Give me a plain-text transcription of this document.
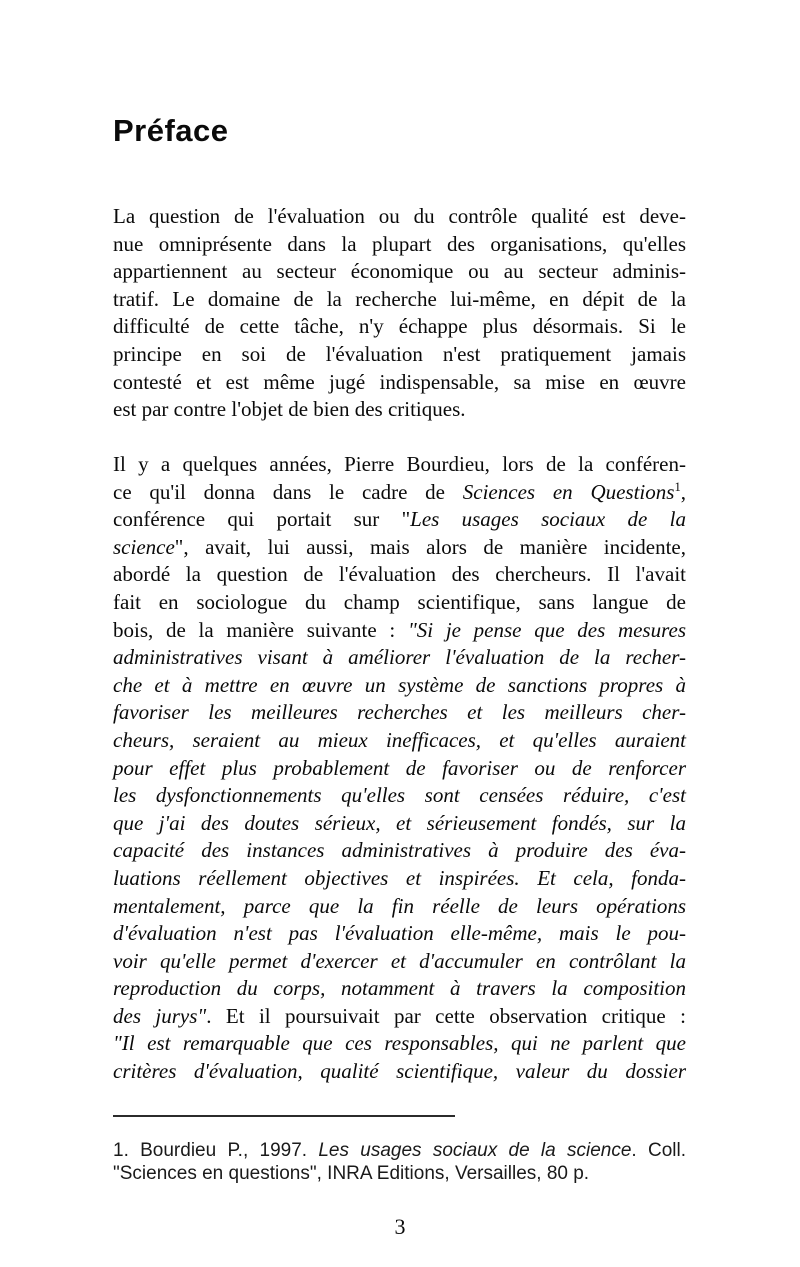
Préface
La question de l'évaluation ou du contrôle qualité est deve-
nue omniprésente dans la plupart des organisations, qu'elles
appartiennent au secteur économique ou au secteur adminis-
tratif. Le domaine de la recherche lui-même, en dépit de la
difficulté de cette tâche, n'y échappe plus désormais. Si le
principe en soi de l'évaluation n'est pratiquement jamais
contesté et est même jugé indispensable, sa mise en œuvre
est par contre l'objet de bien des critiques.
Il y a quelques années, Pierre Bourdieu, lors de la conféren-
ce qu'il donna dans le cadre de Sciences en Questions$^1$,
conférence qui portait sur "Les usages sociaux de la
science", avait, lui aussi, mais alors de manière incidente,
abordé la question de l'évaluation des chercheurs. Il l'avait
fait en sociologue du champ scientifique, sans langue de
bois, de la manière suivante : "Si je pense que des mesures
administratives visant à améliorer l'évaluation de la recher-
che et à mettre en œuvre un système de sanctions propres à
favoriser les meilleures recherches et les meilleurs cher-
cheurs, seraient au mieux inefficaces, et qu'elles auraient
pour effet plus probablement de favoriser ou de renforcer
les dysfonctionnements qu'elles sont censées réduire, c'est
que j'ai des doutes sérieux, et sérieusement fondés, sur la
capacité des instances administratives à produire des éva-
luations réellement objectives et inspirées. Et cela, fonda-
mentalement, parce que la fin réelle de leurs opérations
d'évaluation n'est pas l'évaluation elle-même, mais le pou-
voir qu'elle permet d'exercer et d'accumuler en contrôlant la
reproduction du corps, notamment à travers la composition
des jurys". Et il poursuivait par cette observation critique :
"Il est remarquable que ces responsables, qui ne parlent que
critères d'évaluation, qualité scientifique, valeur du dossier
1. Bourdieu P., 1997. Les usages sociaux de la science. Coll.
"Sciences en questions", INRA Editions, Versailles, 80 p.
3
